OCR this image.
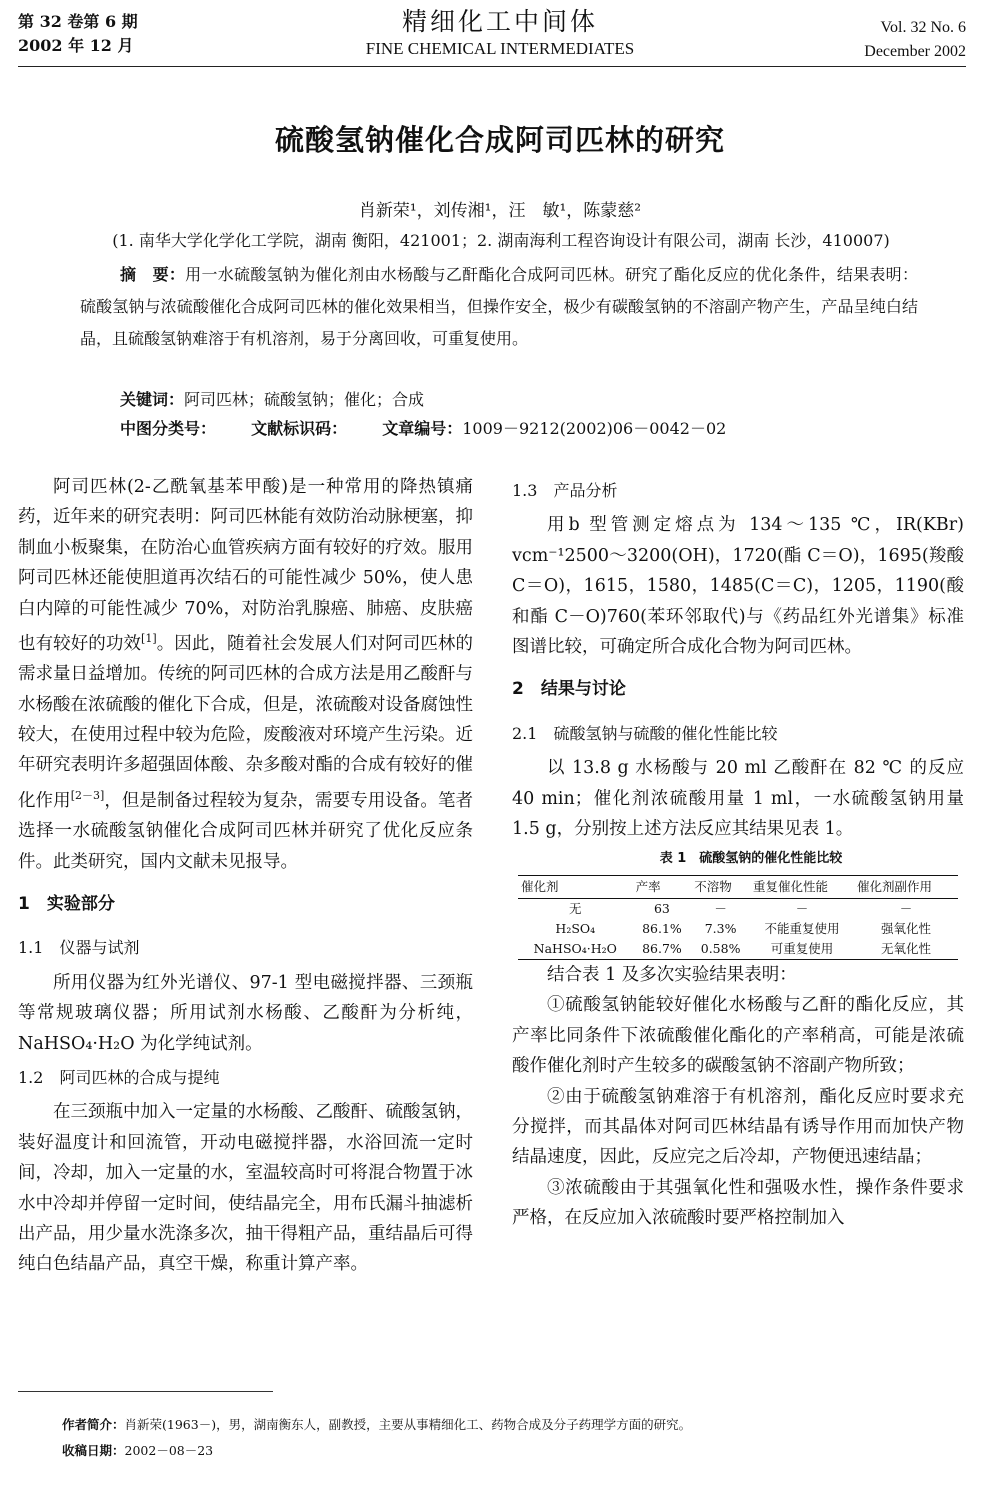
第 32 卷第 6 期
2002 年 12 月
精细化工中间体
FINE CHEMICAL INTERMEDIATES
Vol. 32 No. 6
December 2002
硫酸氢钠催化合成阿司匹林的研究
肖新荣¹，刘传湘¹，汪　敏¹，陈蒙慈²
(1. 南华大学化学化工学院，湖南 衡阳，421001；2. 湖南海利工程咨询设计有限公司，湖南 长沙，410007)
摘　要：用一水硫酸氢钠为催化剂由水杨酸与乙酐酯化合成阿司匹林。研究了酯化反应的优化条件，结果表明：硫酸氢钠与浓硫酸催化合成阿司匹林的催化效果相当，但操作安全，极少有碳酸氢钠的不溶副产物产生，产品呈纯白结晶，且硫酸氢钠难溶于有机溶剂，易于分离回收，可重复使用。
关键词：阿司匹林；硫酸氢钠；催化；合成
中图分类号： 文献标识码： 文章编号：1009－9212(2002)06－0042－02

阿司匹林(2-乙酰氧基苯甲酸)是一种常用的降热镇痛药，近年来的研究表明：阿司匹林能有效防治动脉梗塞，抑制血小板聚集，在防治心血管疾病方面有较好的疗效。服用阿司匹林还能使胆道再次结石的可能性减少 50%，使人患白内障的可能性减少 70%，对防治乳腺癌、肺癌、皮肤癌也有较好的功效[1]。因此，随着社会发展人们对阿司匹林的需求量日益增加。传统的阿司匹林的合成方法是用乙酸酐与水杨酸在浓硫酸的催化下合成，但是，浓硫酸对设备腐蚀性较大，在使用过程中较为危险，废酸液对环境产生污染。近年研究表明许多超强固体酸、杂多酸对酯的合成有较好的催化作用[2－3]，但是制备过程较为复杂，需要专用设备。笔者选择一水硫酸氢钠催化合成阿司匹林并研究了优化反应条件。此类研究，国内文献未见报导。

1　实验部分

1.1　仪器与试剂

所用仪器为红外光谱仪、97-1 型电磁搅拌器、三颈瓶等常规玻璃仪器；所用试剂水杨酸、乙酸酐为分析纯，NaHSO₄·H₂O 为化学纯试剂。

1.2　阿司匹林的合成与提纯

在三颈瓶中加入一定量的水杨酸、乙酸酐、硫酸氢钠，装好温度计和回流管，开动电磁搅拌器，水浴回流一定时间，冷却，加入一定量的水，室温较高时可将混合物置于冰水中冷却并停留一定时间，使结晶完全，用布氏漏斗抽滤析出产品，用少量水洗涤多次，抽干得粗产品，重结晶后可得纯白色结晶产品，真空干燥，称重计算产率。

1.3　产品分析

用b 型管测定熔点为 134～135 ℃，IR(KBr) vcm⁻¹2500～3200(OH)，1720(酯 C＝O)，1695(羧酸 C＝O)，1615，1580，1485(C＝C)，1205，1190(酸和酯 C－O)760(苯环邻取代)与《药品红外光谱集》标准图谱比较，可确定所合成化合物为阿司匹林。

2　结果与讨论

2.1　硫酸氢钠与硫酸的催化性能比较

以 13.8 g 水杨酸与 20 ml 乙酸酐在 82 ℃ 的反应 40 min；催化剂浓硫酸用量 1 ml，一水硫酸氢钠用量 1.5 g，分别按上述方法反应其结果见表 1。

表 1　硫酸氢钠的催化性能比较

催化剂	产率	不溶物	重复催化性能	催化剂副作用
无	63	－	－	－
H₂SO₄	86.1%	7.3%	不能重复使用	强氧化性
NaHSO₄·H₂O	86.7%	0.58%	可重复使用	无氧化性

结合表 1 及多次实验结果表明：

①硫酸氢钠能较好催化水杨酸与乙酐的酯化反应，其产率比同条件下浓硫酸催化酯化的产率稍高，可能是浓硫酸作催化剂时产生较多的碳酸氢钠不溶副产物所致；

②由于硫酸氢钠难溶于有机溶剂，酯化反应时要求充分搅拌，而其晶体对阿司匹林结晶有诱导作用而加快产物结晶速度，因此，反应完之后冷却，产物便迅速结晶；

③浓硫酸由于其强氧化性和强吸水性，操作条件要求严格，在反应加入浓硫酸时要严格控制加入

作者简介：肖新荣(1963－)，男，湖南衡东人，副教授，主要从事精细化工、药物合成及分子药理学方面的研究。
收稿日期：2002－08－23
